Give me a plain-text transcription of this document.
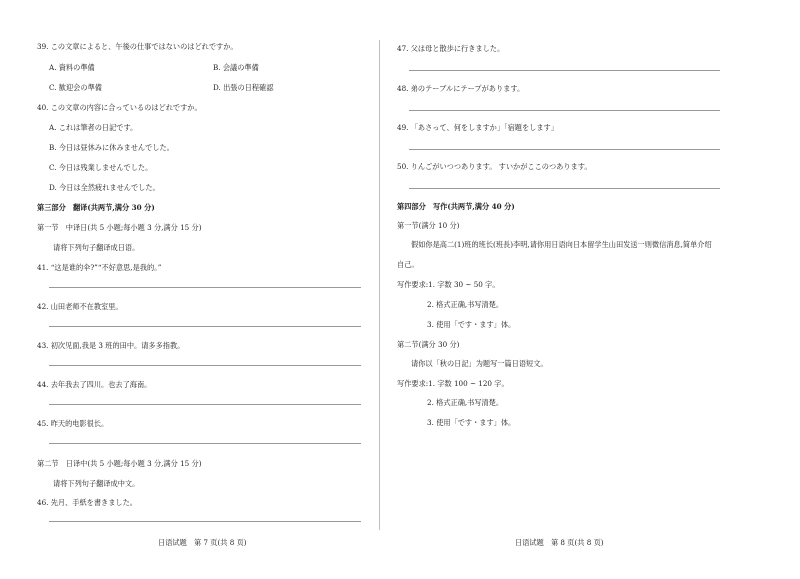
39. この文章によると、午後の仕事ではないのはどれですか。
A. 資料の準備	B. 会議の準備
C. 歓迎会の準備	D. 出張の日程確認
40. この文章の内容に合っているのはどれですか。
A. これは筆者の日記です。
B. 今日は昼休みに休みませんでした。
C. 今日は残業しませんでした。
D. 今日は全然疲れませんでした。
第三部分　翻译(共两节,满分 30 分)
第一节　中译日(共 5 小题;每小题 3 分,满分 15 分)
请将下列句子翻译成日语。
41. “这是谁的伞?”“不好意思,是我的。”
42. 山田老师不在教室里。
43. 初次见面,我是 3 班的田中。请多多指教。
44. 去年我去了四川。也去了海南。
45. 昨天的电影很长。
第二节　日译中(共 5 小题;每小题 3 分,满分 15 分)
请将下列句子翻译成中文。
46. 先月、手紙を書きました。
日语试题　第 7 页(共 8 页)
47. 父は母と散歩に行きました。
48. 弟のテーブルにテープがあります。
49. 「あさって、何をしますか」「宿題をします」
50. りんごがいつつあります。 すいかがここのつあります。
第四部分　写作(共两节,满分 40 分)
第一节(满分 10 分)
假如你是高二(1)班的班长(班長)李明,请你用日语向日本留学生山田发送一则微信消息,简单介绍
自己。
写作要求:1. 字数 30 ~ 50 字。
2. 格式正确,书写清楚。
3. 使用「です・ます」体。
第二节(满分 30 分)
请你以「秋の日記」为题写一篇日语短文。
写作要求:1. 字数 100 ~ 120 字。
2. 格式正确,书写清楚。
3. 使用「です・ます」体。
日语试题　第 8 页(共 8 页)
